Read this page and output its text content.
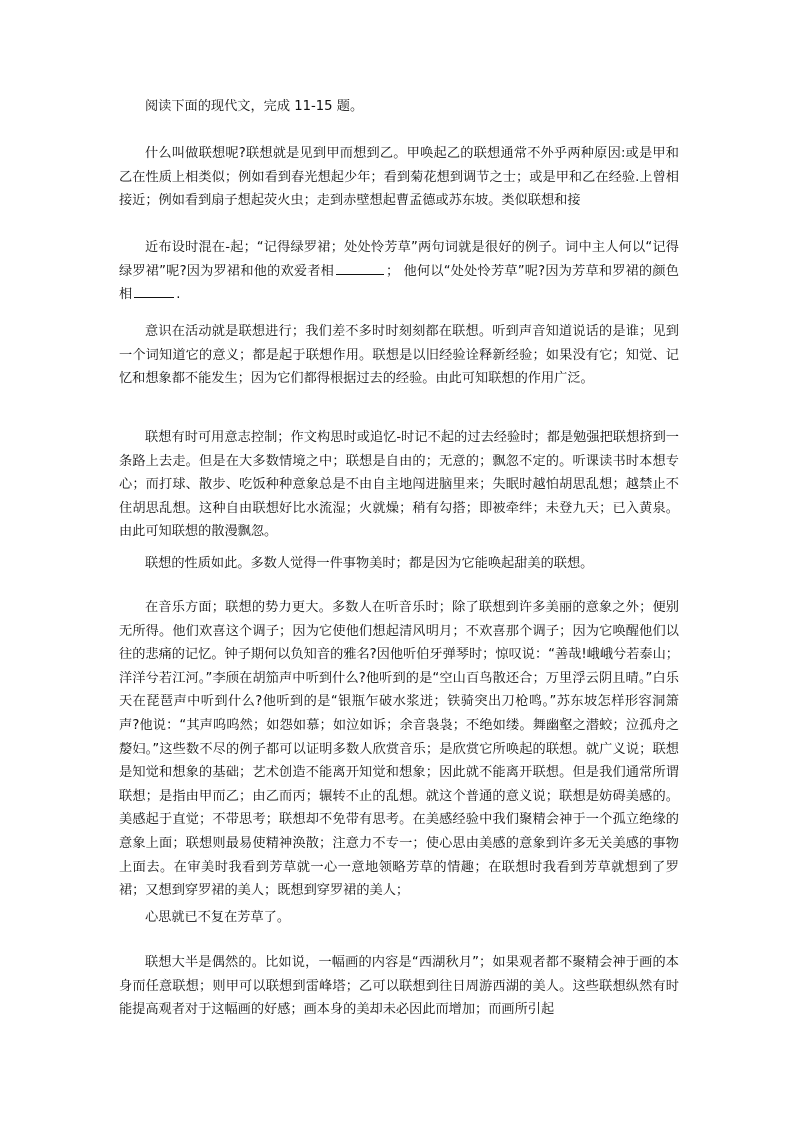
阅读下面的现代文，完成 11-15 题。

什么叫做联想呢?联想就是见到甲而想到乙。甲唤起乙的联想通常不外乎两种原因:或是甲和乙在性质上相类似；例如看到春光想起少年；看到菊花想到调节之士；或是甲和乙在经验.上曾相接近；例如看到扇子想起荧火虫；走到赤壁想起曹孟德或苏东坡。类似联想和接

近布设时混在-起；“记得绿罗裙；处处怜芳草”两句词就是很好的例子。词中主人何以“记得绿罗裙”呢?因为罗裙和他的欢爱者相	； 他何以“处处怜芳草”呢?因为芳草和罗裙的颜色相	.

意识在活动就是联想进行；我们差不多时时刻刻都在联想。听到声音知道说话的是谁；见到一个词知道它的意义；都是起于联想作用。联想是以旧经验诠释新经验；如果没有它；知觉、记忆和想象都不能发生；因为它们都得根据过去的经验。由此可知联想的作用广泛。

联想有时可用意志控制；作文构思时或追忆-时记不起的过去经验时；都是勉强把联想挤到一条路上去走。但是在大多数情境之中；联想是自由的；无意的；飘忽不定的。听课读书时本想专心；而打球、散步、吃饭种种意象总是不由自主地闯进脑里来；失眠时越怕胡思乱想；越禁止不住胡思乱想。这种自由联想好比水流湿；火就燥；稍有勾搭；即被牵绊；未登九天；已入黄泉。由此可知联想的散漫飘忽。

联想的性质如此。多数人觉得一件事物美时；都是因为它能唤起甜美的联想。

在音乐方面；联想的势力更大。多数人在听音乐时；除了联想到许多美丽的意象之外；便别无所得。他们欢喜这个调子；因为它使他们想起清风明月；不欢喜那个调子；因为它唤醒他们以往的悲痛的记忆。钟子期何以负知音的雅名?因他听伯牙弹琴时；惊叹说：“善哉!峨峨兮若泰山；洋洋兮若江河。”李颀在胡笳声中听到什么?他听到的是“空山百鸟散还合；万里浮云阴且晴。”白乐天在琵琶声中听到什么?他听到的是“银瓶乍破水浆迸；铁骑突出刀枪鸣。”苏东坡怎样形容洞箫声?他说：“其声呜呜然；如怨如慕；如泣如诉；余音袅袅；不绝如缕。舞幽壑之潜蛟；泣孤舟之嫠妇。”这些数不尽的例子都可以证明多数人欣赏音乐；是欣赏它所唤起的联想。就广义说；联想是知觉和想象的基础；艺术创造不能离开知觉和想象；因此就不能离开联想。但是我们通常所谓联想；是指由甲而乙；由乙而丙；辗转不止的乱想。就这个普通的意义说；联想是妨碍美感的。美感起于直觉；不带思考；联想却不免带有思考。在美感经验中我们聚精会神于一个孤立绝缘的意象上面；联想则最易使精神涣散；注意力不专一；使心思由美感的意象到许多无关美感的事物上面去。在审美时我看到芳草就一心一意地领略芳草的情趣；在联想时我看到芳草就想到了罗裙；又想到穿罗裙的美人；既想到穿罗裙的美人；

心思就已不复在芳草了。

联想大半是偶然的。比如说，一幅画的内容是“西湖秋月”；如果观者都不聚精会神于画的本身而任意联想；则甲可以联想到雷峰塔；乙可以联想到往日周游西湖的美人。这些联想纵然有时能提高观者对于这幅画的好感；画本身的美却未必因此而增加；而画所引起
